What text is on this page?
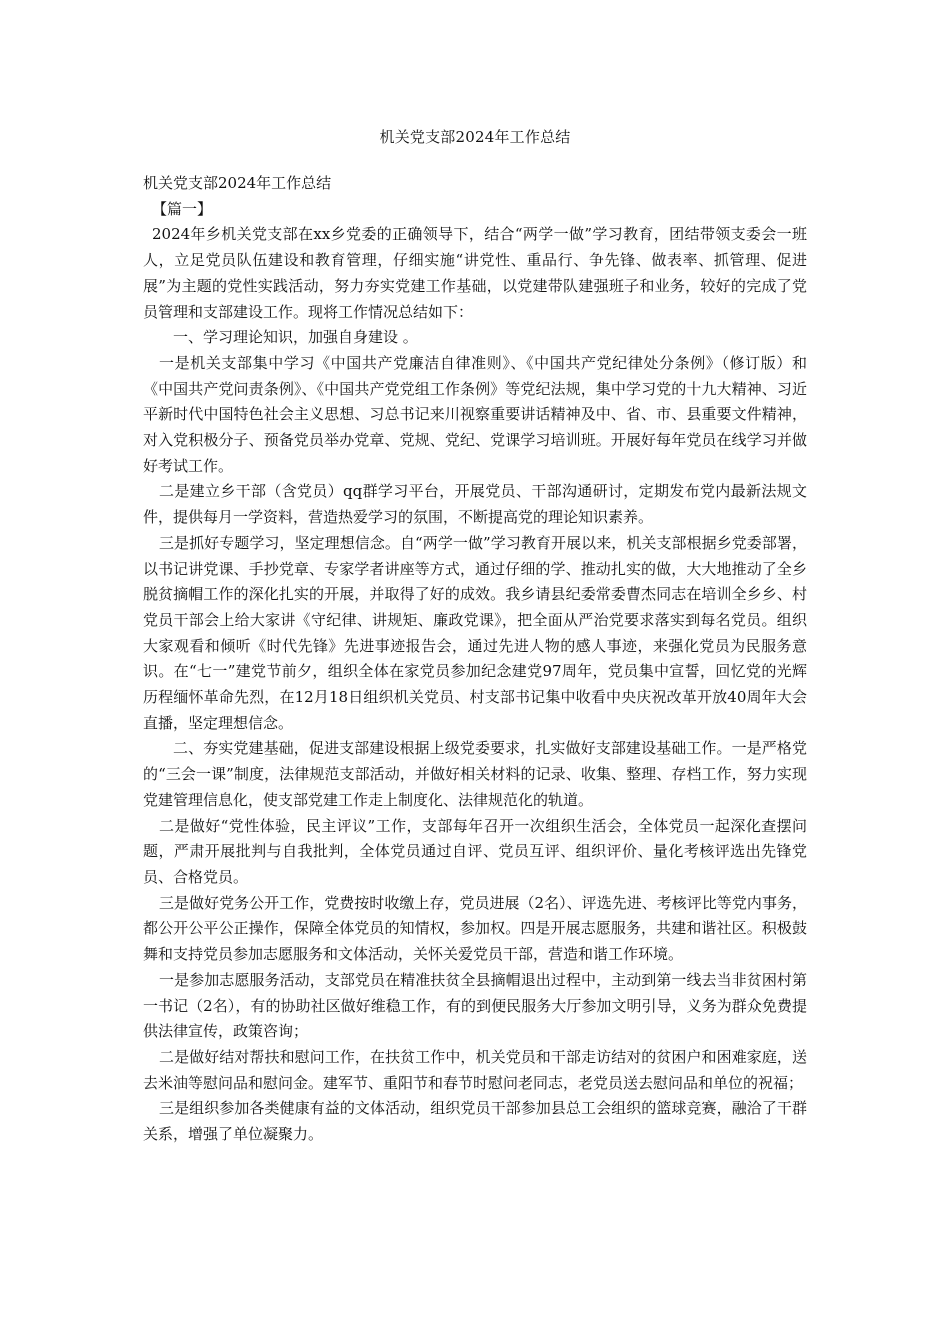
机关党支部2024年工作总结

机关党支部2024年工作总结

【篇一】

2024年乡机关党支部在xx乡党委的正确领导下，结合“两学一做”学习教育，团结带领支委会一班人，立足党员队伍建设和教育管理，仔细实施“讲党性、重品行、争先锋、做表率、抓管理、促进展”为主题的党性实践活动，努力夯实党建工作基础，以党建带队建强班子和业务，较好的完成了党员管理和支部建设工作。现将工作情况总结如下：

一、学习理论知识，加强自身建设 。

一是机关支部集中学习《中国共产党廉洁自律准则》、《中国共产党纪律处分条例》（修订版）和《中国共产党问责条例》、《中国共产党党组工作条例》等党纪法规，集中学习党的十九大精神、习近平新时代中国特色社会主义思想、习总书记来川视察重要讲话精神及中、省、市、县重要文件精神，对入党积极分子、预备党员举办党章、党规、党纪、党课学习培训班。开展好每年党员在线学习并做好考试工作。

二是建立乡干部（含党员）qq群学习平台，开展党员、干部沟通研讨，定期发布党内最新法规文件，提供每月一学资料，营造热爱学习的氛围，不断提高党的理论知识素养。

三是抓好专题学习，坚定理想信念。自“两学一做”学习教育开展以来，机关支部根据乡党委部署，以书记讲党课、手抄党章、专家学者讲座等方式，通过仔细的学、推动扎实的做，大大地推动了全乡脱贫摘帽工作的深化扎实的开展，并取得了好的成效。我乡请县纪委常委曹杰同志在培训全乡乡、村党员干部会上给大家讲《守纪律、讲规矩、廉政党课》，把全面从严治党要求落实到每名党员。组织大家观看和倾听《时代先锋》先进事迹报告会，通过先进人物的感人事迹，来强化党员为民服务意识。在“七一”建党节前夕，组织全体在家党员参加纪念建党97周年，党员集中宣誓，回忆党的光辉历程缅怀革命先烈，在12月18日组织机关党员、村支部书记集中收看中央庆祝改革开放40周年大会直播，坚定理想信念。

二、夯实党建基础，促进支部建设根据上级党委要求，扎实做好支部建设基础工作。一是严格党的“三会一课”制度，法律规范支部活动，并做好相关材料的记录、收集、整理、存档工作，努力实现党建管理信息化，使支部党建工作走上制度化、法律规范化的轨道。

二是做好“党性体验，民主评议”工作，支部每年召开一次组织生活会，全体党员一起深化查摆问题，严肃开展批判与自我批判，全体党员通过自评、党员互评、组织评价、量化考核评选出先锋党员、合格党员。

三是做好党务公开工作，党费按时收缴上存，党员进展（2名）、评选先进、考核评比等党内事务，都公开公平公正操作，保障全体党员的知情权，参加权。四是开展志愿服务，共建和谐社区。积极鼓舞和支持党员参加志愿服务和文体活动，关怀关爱党员干部，营造和谐工作环境。

一是参加志愿服务活动，支部党员在精准扶贫全县摘帽退出过程中，主动到第一线去当非贫困村第一书记（2名），有的协助社区做好维稳工作，有的到便民服务大厅参加文明引导，义务为群众免费提供法律宣传，政策咨询；

二是做好结对帮扶和慰问工作，在扶贫工作中，机关党员和干部走访结对的贫困户和困难家庭，送去米油等慰问品和慰问金。建军节、重阳节和春节时慰问老同志，老党员送去慰问品和单位的祝福；

三是组织参加各类健康有益的文体活动，组织党员干部参加县总工会组织的篮球竞赛，融洽了干群关系，增强了单位凝聚力。
